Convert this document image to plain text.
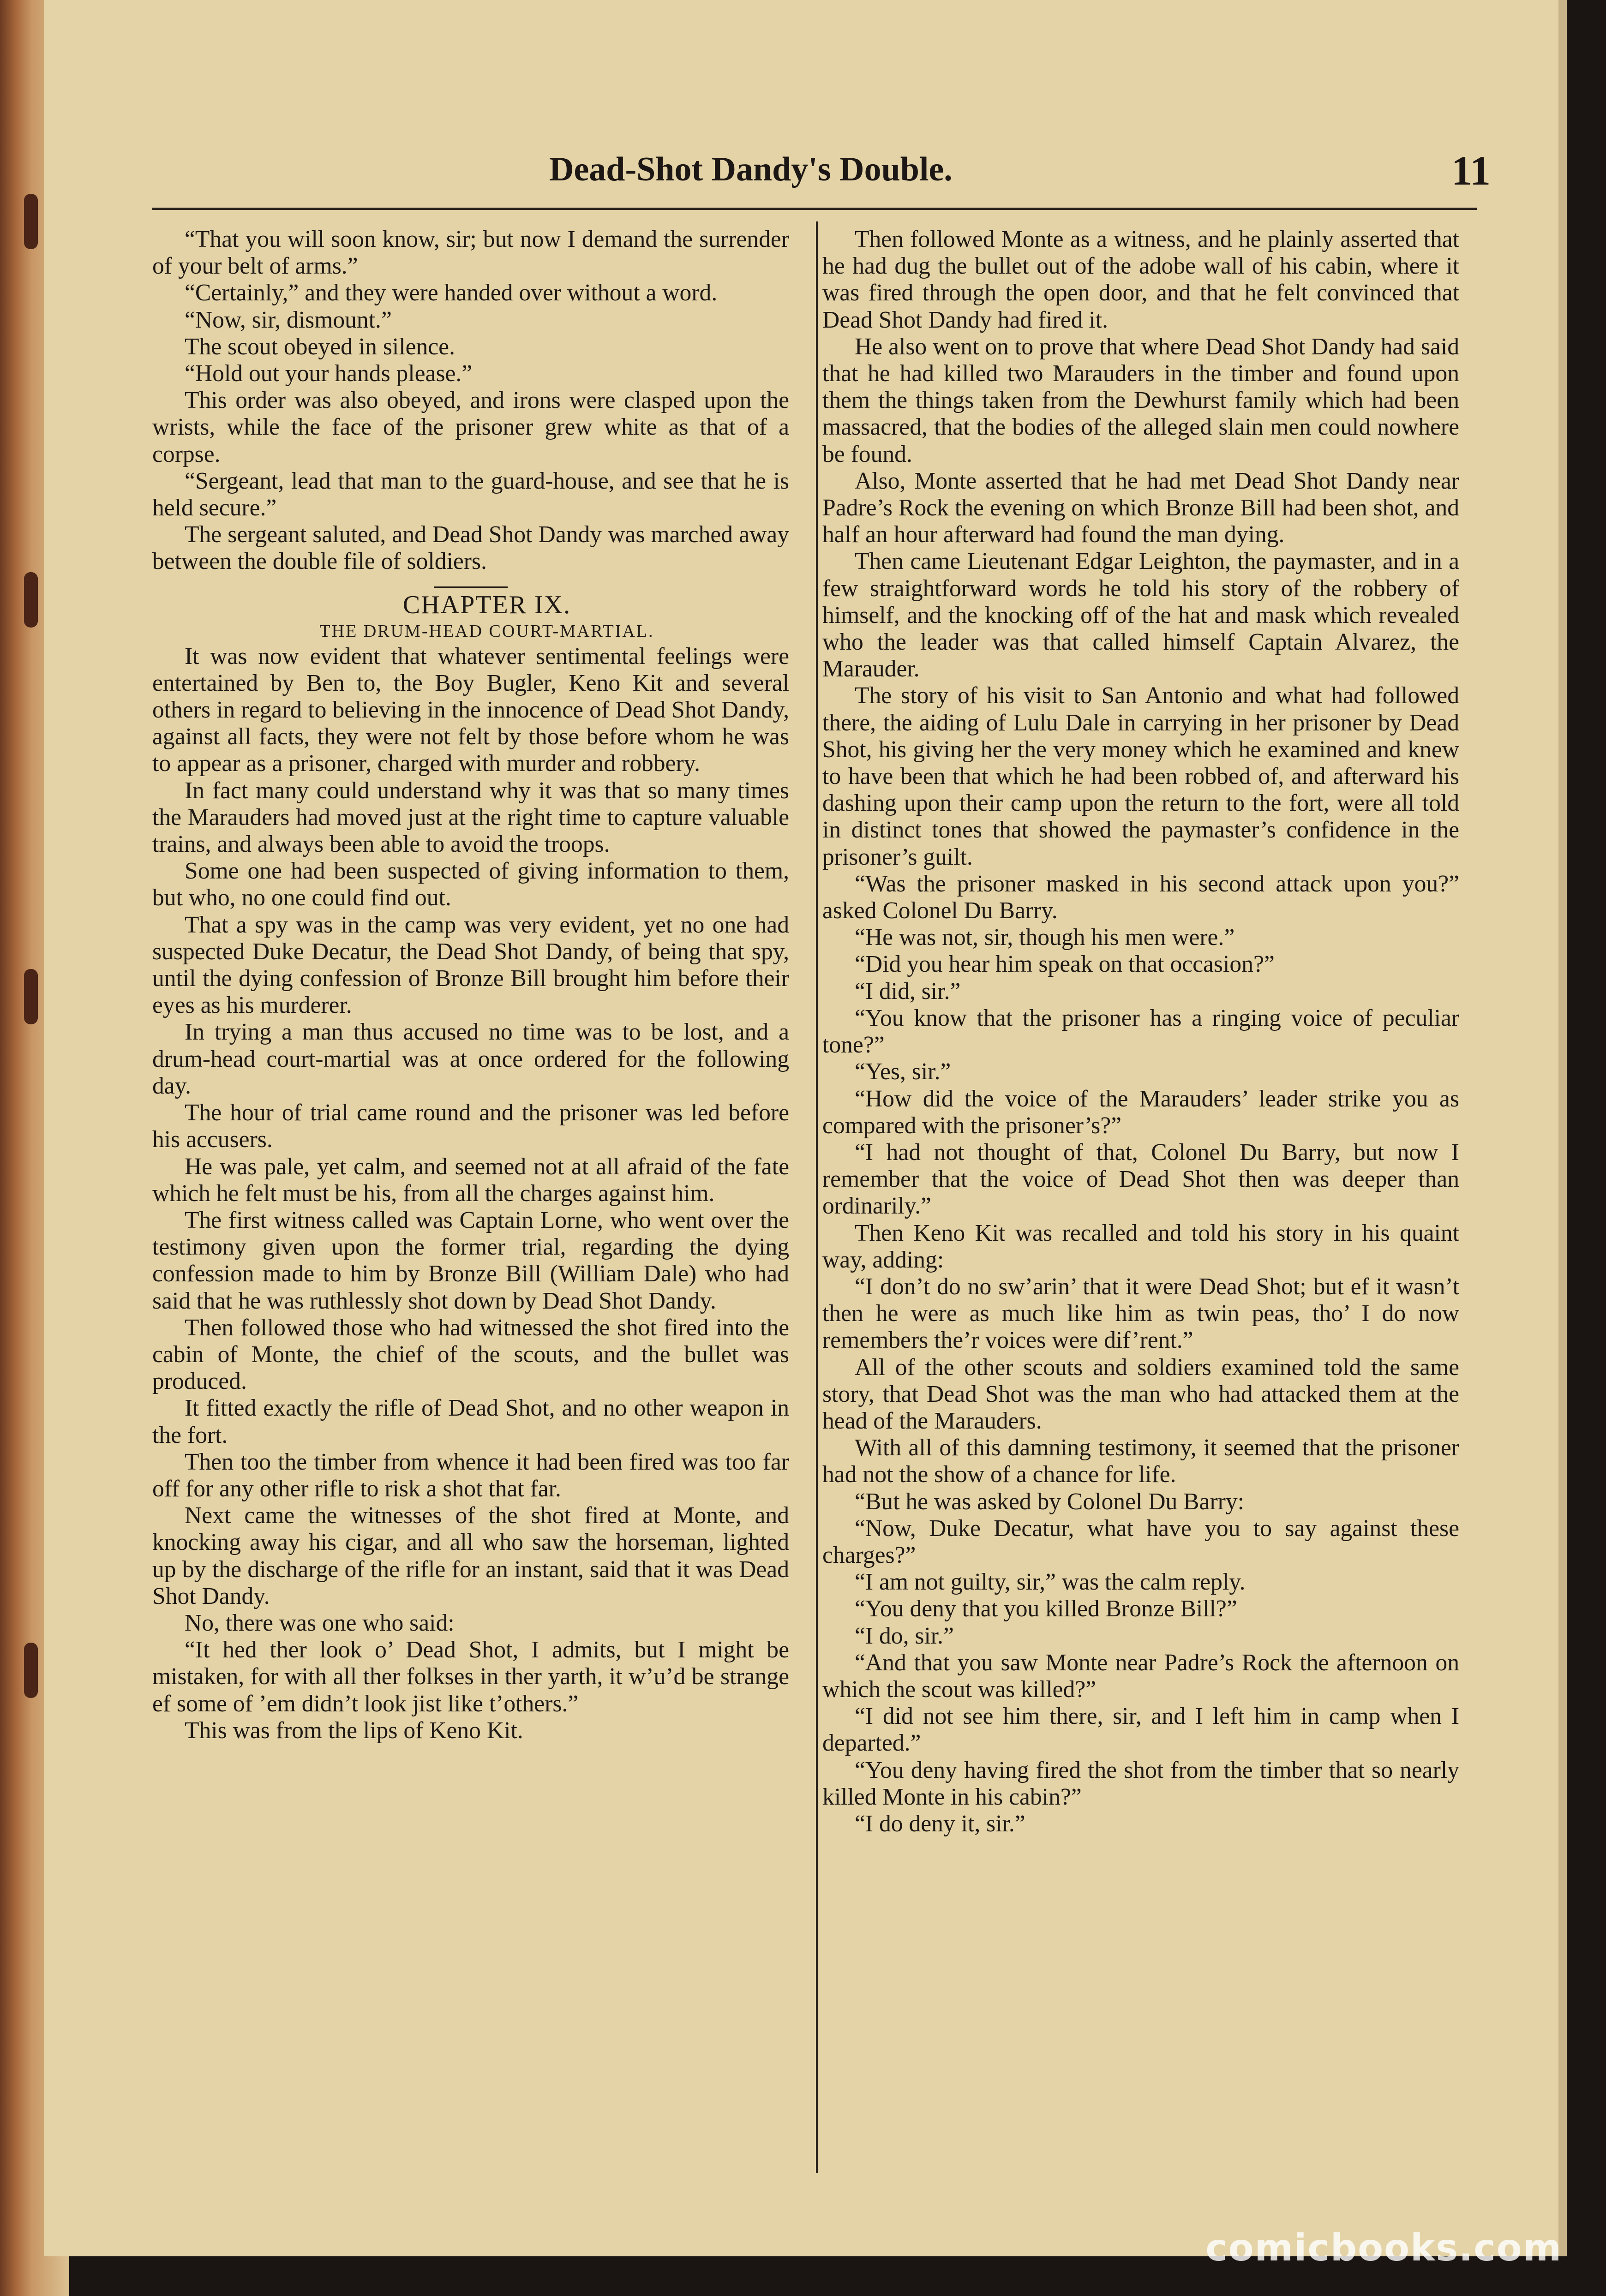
Dead-Shot Dandy's Double.	11

“That you will soon know, sir; but now I demand the surrender of your belt of arms.”

“Certainly,” and they were handed over without a word.

“Now, sir, dismount.”

The scout obeyed in silence.

“Hold out your hands please.”

This order was also obeyed, and irons were clasped upon the wrists, while the face of the prisoner grew white as that of a corpse.

“Sergeant, lead that man to the guard-house, and see that he is held secure.”

The sergeant saluted, and Dead Shot Dandy was marched away between the double file of soldiers.

CHAPTER IX.

THE DRUM-HEAD COURT-MARTIAL.

It was now evident that whatever sentimental feelings were entertained by Ben to, the Boy Bugler, Keno Kit and several others in regard to believing in the innocence of Dead Shot Dandy, against all facts, they were not felt by those before whom he was to appear as a prisoner, charged with murder and robbery.

In fact many could understand why it was that so many times the Marauders had moved just at the right time to capture valuable trains, and always been able to avoid the troops.

Some one had been suspected of giving information to them, but who, no one could find out.

That a spy was in the camp was very evident, yet no one had suspected Duke Decatur, the Dead Shot Dandy, of being that spy, until the dying confession of Bronze Bill brought him before their eyes as his murderer.

In trying a man thus accused no time was to be lost, and a drum-head court-martial was at once ordered for the following day.

The hour of trial came round and the prisoner was led before his accusers.

He was pale, yet calm, and seemed not at all afraid of the fate which he felt must be his, from all the charges against him.

The first witness called was Captain Lorne, who went over the testimony given upon the former trial, regarding the dying confession made to him by Bronze Bill (William Dale) who had said that he was ruthlessly shot down by Dead Shot Dandy.

Then followed those who had witnessed the shot fired into the cabin of Monte, the chief of the scouts, and the bullet was produced.

It fitted exactly the rifle of Dead Shot, and no other weapon in the fort.

Then too the timber from whence it had been fired was too far off for any other rifle to risk a shot that far.

Next came the witnesses of the shot fired at Monte, and knocking away his cigar, and all who saw the horseman, lighted up by the discharge of the rifle for an instant, said that it was Dead Shot Dandy.

No, there was one who said:

“It hed ther look o’ Dead Shot, I admits, but I might be mistaken, for with all ther folkses in ther yarth, it w’u’d be strange ef some of ’em didn’t look jist like t’others.”

This was from the lips of Keno Kit.

Then followed Monte as a witness, and he plainly asserted that he had dug the bullet out of the adobe wall of his cabin, where it was fired through the open door, and that he felt convinced that Dead Shot Dandy had fired it.

He also went on to prove that where Dead Shot Dandy had said that he had killed two Marauders in the timber and found upon them the things taken from the Dewhurst family which had been massacred, that the bodies of the alleged slain men could nowhere be found.

Also, Monte asserted that he had met Dead Shot Dandy near Padre’s Rock the evening on which Bronze Bill had been shot, and half an hour afterward had found the man dying.

Then came Lieutenant Edgar Leighton, the paymaster, and in a few straightforward words he told his story of the robbery of himself, and the knocking off of the hat and mask which revealed who the leader was that called himself Captain Alvarez, the Marauder.

The story of his visit to San Antonio and what had followed there, the aiding of Lulu Dale in carrying in her prisoner by Dead Shot, his giving her the very money which he examined and knew to have been that which he had been robbed of, and afterward his dashing upon their camp upon the return to the fort, were all told in distinct tones that showed the paymaster’s confidence in the prisoner’s guilt.

“Was the prisoner masked in his second attack upon you?” asked Colonel Du Barry.

“He was not, sir, though his men were.”

“Did you hear him speak on that occasion?”

“I did, sir.”

“You know that the prisoner has a ringing voice of peculiar tone?”

“Yes, sir.”

“How did the voice of the Marauders’ leader strike you as compared with the prisoner’s?”

“I had not thought of that, Colonel Du Barry, but now I remember that the voice of Dead Shot then was deeper than ordinarily.”

Then Keno Kit was recalled and told his story in his quaint way, adding:

“I don’t do no sw’arin’ that it were Dead Shot; but ef it wasn’t then he were as much like him as twin peas, tho’ I do now remembers the’r voices were dif’rent.”

All of the other scouts and soldiers examined told the same story, that Dead Shot was the man who had attacked them at the head of the Marauders.

With all of this damning testimony, it seemed that the prisoner had not the show of a chance for life.

“But he was asked by Colonel Du Barry:

“Now, Duke Decatur, what have you to say against these charges?”

“I am not guilty, sir,” was the calm reply.

“You deny that you killed Bronze Bill?”

“I do, sir.”

“And that you saw Monte near Padre’s Rock the afternoon on which the scout was killed?”

“I did not see him there, sir, and I left him in camp when I departed.”

“You deny having fired the shot from the timber that so nearly killed Monte in his cabin?”

“I do deny it, sir.”

comicbooks.com
